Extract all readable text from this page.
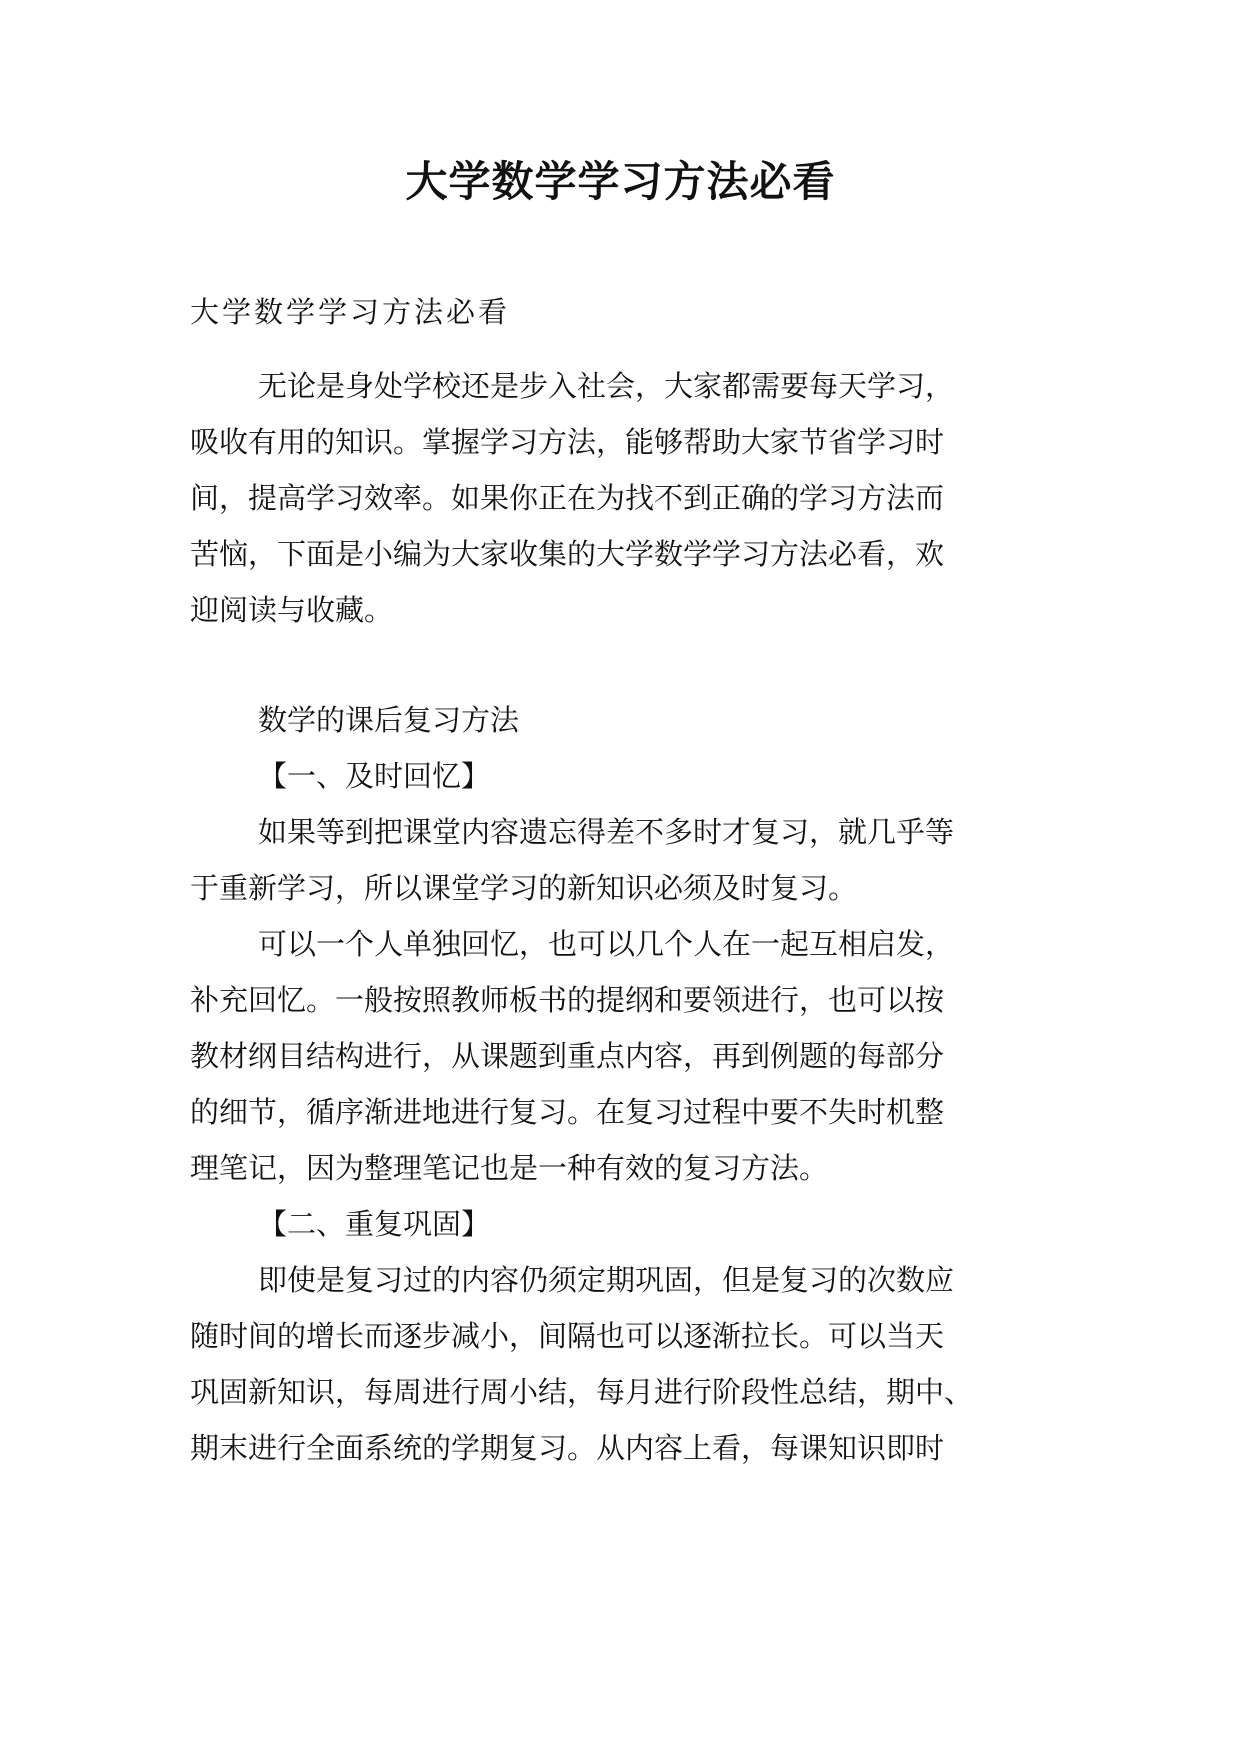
大学数学学习方法必看
大学数学学习方法必看
无论是身处学校还是步入社会，大家都需要每天学习，
吸收有用的知识。掌握学习方法，能够帮助大家节省学习时
间，提高学习效率。如果你正在为找不到正确的学习方法而
苦恼，下面是小编为大家收集的大学数学学习方法必看，欢
迎阅读与收藏。
数学的课后复习方法
【一、及时回忆】
如果等到把课堂内容遗忘得差不多时才复习，就几乎等
于重新学习，所以课堂学习的新知识必须及时复习。
可以一个人单独回忆，也可以几个人在一起互相启发，
补充回忆。一般按照教师板书的提纲和要领进行，也可以按
教材纲目结构进行，从课题到重点内容，再到例题的每部分
的细节，循序渐进地进行复习。在复习过程中要不失时机整
理笔记，因为整理笔记也是一种有效的复习方法。
【二、重复巩固】
即使是复习过的内容仍须定期巩固，但是复习的次数应
随时间的增长而逐步减小，间隔也可以逐渐拉长。可以当天
巩固新知识，每周进行周小结，每月进行阶段性总结，期中、
期末进行全面系统的学期复习。从内容上看，每课知识即时
